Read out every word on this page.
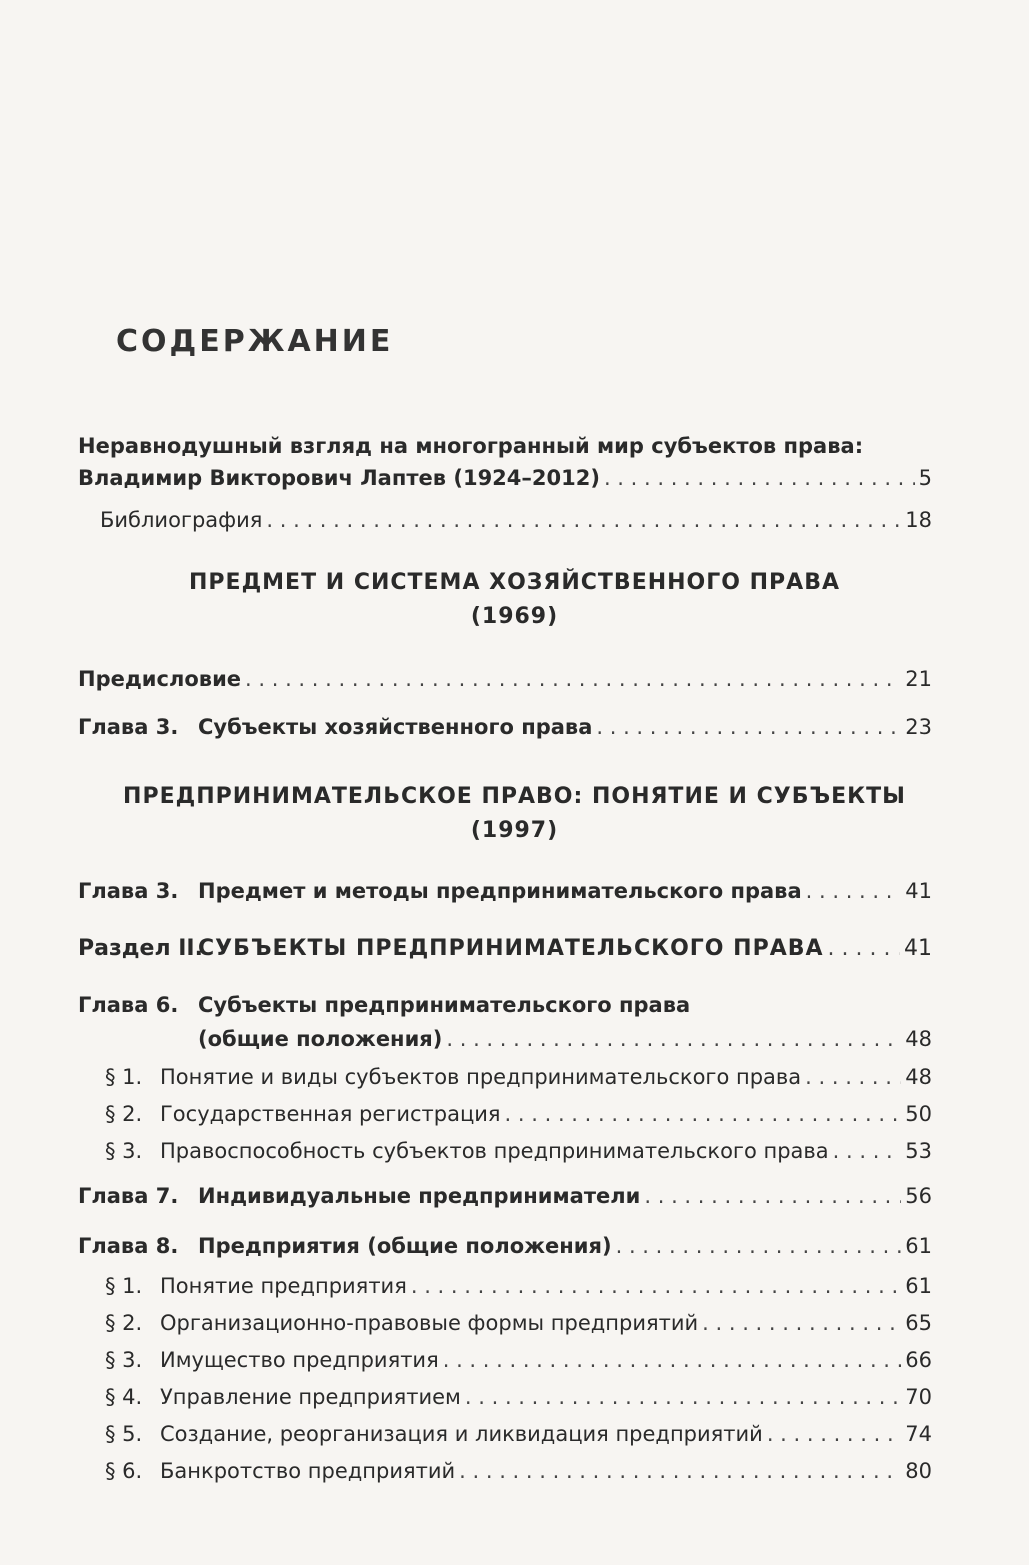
СОДЕРЖАНИЕ
Неравнодушный взгляд на многогранный мир субъектов права:
Владимир Викторович Лаптев (1924–2012) . . .	5
Библиография . . .	18
ПРЕДМЕТ И СИСТЕМА ХОЗЯЙСТВЕННОГО ПРАВА
(1969)
Предисловие . . .	21
Глава 3. Субъекты хозяйственного права . . .	23
ПРЕДПРИНИМАТЕЛЬСКОЕ ПРАВО: ПОНЯТИЕ И СУБЪЕКТЫ
(1997)
Глава 3. Предмет и методы предпринимательского права . . .	41
Раздел II.
СУБЪЕКТЫ ПРЕДПРИНИМАТЕЛЬСКОГО ПРАВА . . .	41
Глава 6. Субъекты предпринимательского права
(общие положения) . . .	48
§ 1. Понятие и виды субъектов предпринимательского права . . .	48
§ 2. Государственная регистрация . . .	50
§ 3. Правоспособность субъектов предпринимательского права . . .	53
Глава 7. Индивидуальные предприниматели . . .	56
Глава 8. Предприятия (общие положения) . . .	61
§ 1. Понятие предприятия . . .	61
§ 2. Организационно-правовые формы предприятий . . .	65
§ 3. Имущество предприятия . . .	66
§ 4. Управление предприятием . . .	70
§ 5. Создание, реорганизация и ликвидация предприятий . . .	74
§ 6. Банкротство предприятий . . .	80
